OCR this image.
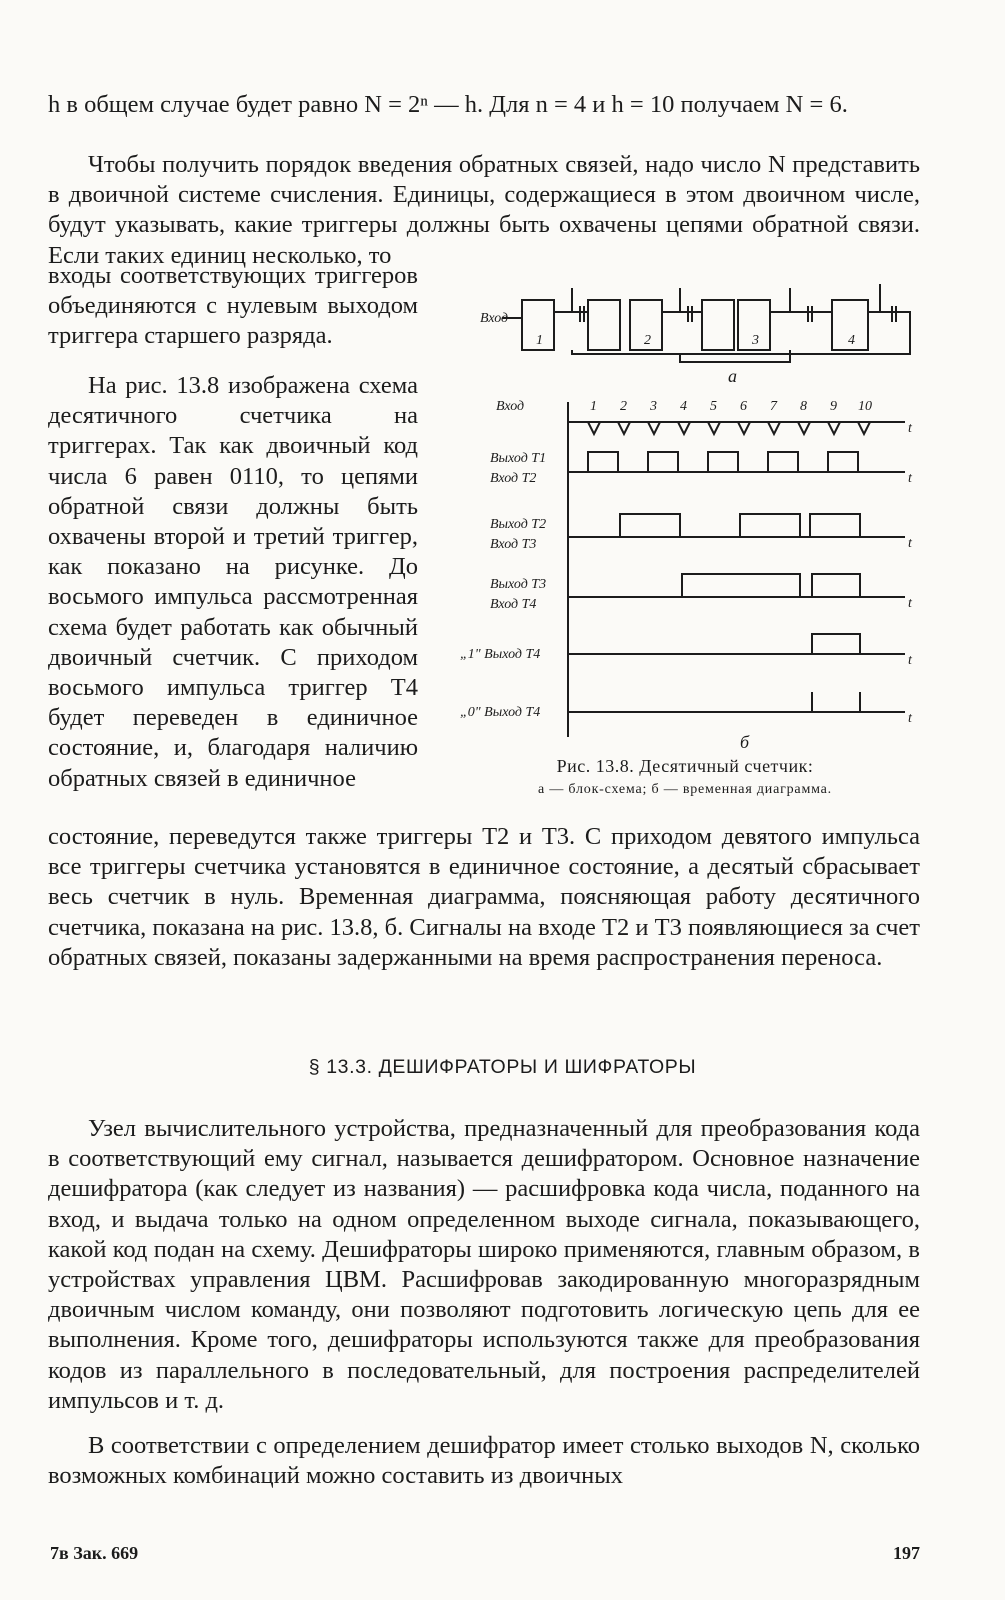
h в общем случае будет равно N = 2ⁿ — h. Для n = 4 и h = 10 получаем N = 6.

Чтобы получить порядок введения обратных связей, надо число N представить в двоичной системе счисления. Единицы, содержащиеся в этом двоичном числе, будут указывать, какие триггеры должны быть охвачены цепями обратной связи. Если таких единиц несколько, то

входы соответствующих триггеров объединяются с нулевым выходом триггера старшего разряда.

На рис. 13.8 изображена схема десятичного счетчика на триггерах. Так как двоичный код числа 6 равен 0110, то цепями обратной связи должны быть охвачены второй и третий триггер, как показано на рисунке. До восьмого импульса рассмотренная схема будет работать как обычный двоичный счетчик. С приходом восьмого импульса триггер Т4 будет переведен в единичное состояние, и, благодаря наличию обратных связей в единичное

состояние, переведутся также триггеры Т2 и Т3. С приходом девятого импульса все триггеры счетчика установятся в единичное состояние, а десятый сбрасывает весь счетчик в нуль. Временная диаграмма, поясняющая работу десятичного счетчика, показана на рис. 13.8, б. Сигналы на входе Т2 и Т3 появляющиеся за счет обратных связей, показаны задержанными на время распространения переноса.

§ 13.3. ДЕШИФРАТОРЫ И ШИФРАТОРЫ

Узел вычислительного устройства, предназначенный для преобразования кода в соответствующий ему сигнал, называется дешифратором. Основное назначение дешифратора (как следует из названия) — расшифровка кода числа, поданного на вход, и выдача только на одном определенном выходе сигнала, показывающего, какой код подан на схему. Дешифраторы широко применяются, главным образом, в устройствах управления ЦВМ. Расшифровав закодированную многоразрядным двоичным числом команду, они позволяют подготовить логическую цепь для ее выполнения. Кроме того, дешифраторы используются также для преобразования кодов из параллельного в последовательный, для построения распределителей импульсов и т. д.

В соответствии с определением дешифратор имеет столько выходов N, сколько возможных комбинаций можно составить из двоичных

Вход
1	2	3	4
а
Вход
Выход Т1
Вход Т2
Выход Т2
Вход Т3
Выход Т3
Вход Т4
„1" Выход Т4
„0" Выход Т4
1 2 3 4 5 6 7 8 9 10
t
t
t
t
t
t
б
Рис. 13.8. Десятичный счетчик:
а — блок-схема; б — временная диаграмма.
7в Зак. 669	197
